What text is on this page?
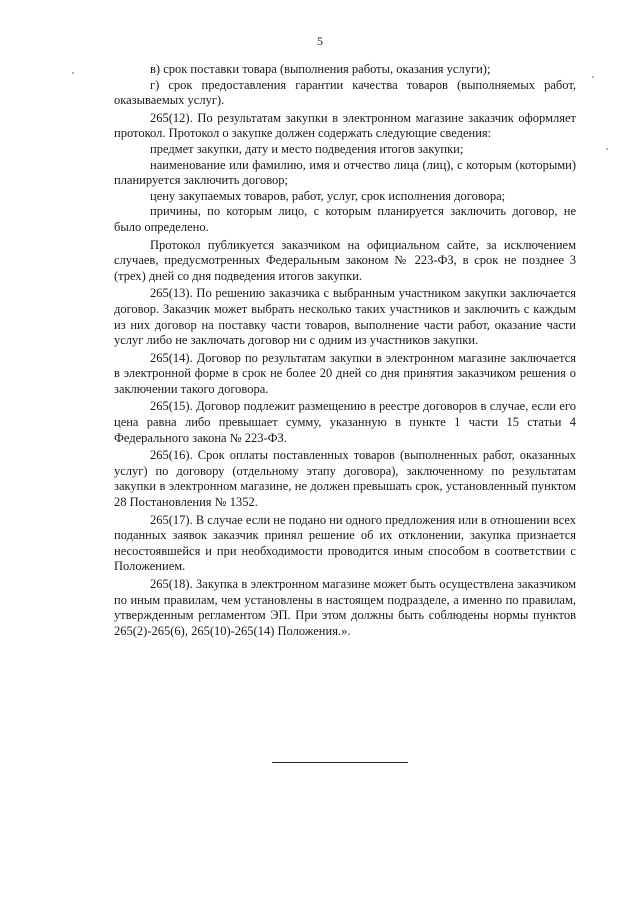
5

в) срок поставки товара (выполнения работы, оказания услуги);

г) срок предоставления гарантии качества товаров (выполняемых работ, оказываемых услуг).

265(12). По результатам закупки в электронном магазине заказчик оформляет протокол. Протокол о закупке должен содержать следующие сведения:

предмет закупки, дату и место подведения итогов закупки;

наименование или фамилию, имя и отчество лица (лиц), с которым (которыми) планируется заключить договор;

цену закупаемых товаров, работ, услуг, срок исполнения договора;

причины, по которым лицо, с которым планируется заключить договор, не было определено.

Протокол публикуется заказчиком на официальном сайте, за исключением случаев, предусмотренных Федеральным законом № 223-ФЗ, в срок не позднее 3 (трех) дней со дня подведения итогов закупки.

265(13). По решению заказчика с выбранным участником закупки заключается договор. Заказчик может выбрать несколько таких участников и заключить с каждым из них договор на поставку части товаров, выполнение части работ, оказание части услуг либо не заключать договор ни с одним из участников закупки.

265(14). Договор по результатам закупки в электронном магазине заключается в электронной форме в срок не более 20 дней со дня принятия заказчиком решения о заключении такого договора.

265(15). Договор подлежит размещению в реестре договоров в случае, если его цена равна либо превышает сумму, указанную в пункте 1 части 15 статьи 4 Федерального закона № 223-ФЗ.

265(16). Срок оплаты поставленных товаров (выполненных работ, оказанных услуг) по договору (отдельному этапу договора), заключенному по результатам закупки в электронном магазине, не должен превышать срок, установленный пунктом 28 Постановления № 1352.

265(17). В случае если не подано ни одного предложения или в отношении всех поданных заявок заказчик принял решение об их отклонении, закупка признается несостоявшейся и при необходимости проводится иным способом в соответствии с Положением.

265(18). Закупка в электронном магазине может быть осуществлена заказчиком по иным правилам, чем установлены в настоящем подразделе, а именно по правилам, утвержденным регламентом ЭП. При этом должны быть соблюдены нормы пунктов 265(2)-265(6), 265(10)-265(14) Положения.».
